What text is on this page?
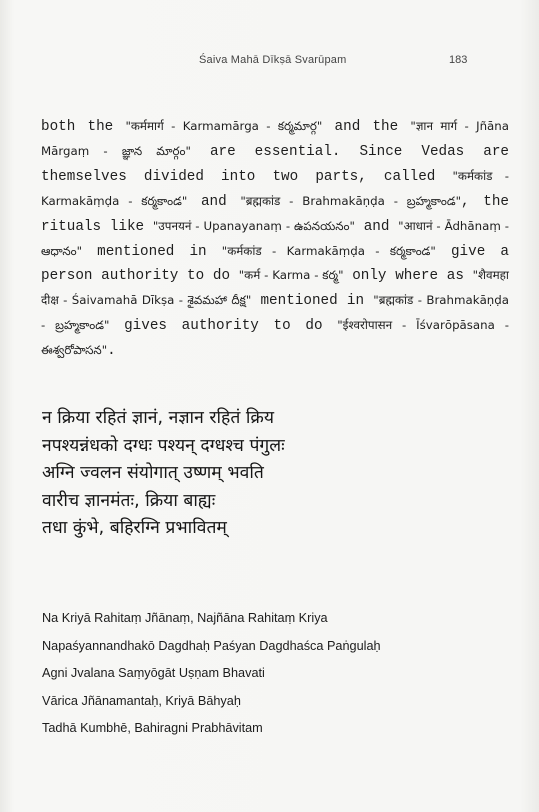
Śaiva Mahā Dīkṣā Svarūpam	183

both the "कर्ममार्ग - Karmamārga - కర్మమార్గ" and the "ज्ञान मार्ग - Jñāna Mārgaṃ - జ్ఞాన మార్గం" are essential. Since Vedas are themselves divided into two parts, called "कर्मकांड - Karmakāṃḍa - కర్మకాండ" and "ब्रह्मकांड - Brahmakāṇḍa - బ్రహ్మకాండ", the rituals like "उपनयनं - Upanayanaṃ - ఉపనయనం" and "आधानं - Ādhānaṃ - ఆధానం" mentioned in "कर्मकांड - Karmakāṃḍa - కర్మకాండ" give a person authority to do "कर्म - Karma - కర్మ" only where as "शैवमहा दीक्ष - Śaivamahā Dīkṣa - శైవమహా దీక్ష" mentioned in "ब्रह्मकांड - Brahmakāṇḍa - బ్రహ్మకాండ" gives authority to do "ईश्वरोपासन - Īśvarōpāsana - ఈశ్వరోపాసన".

न क्रिया रहितं ज्ञानं, नज्ञान रहितं क्रिय
नपश्यन्नंधको दग्धः पश्यन् दग्धश्च पंगुलः
अग्नि ज्वलन संयोगात् उष्णम् भवति
वारीच ज्ञानमंतः, क्रिया बाह्यः
तधा कुंभे, बहिरग्नि प्रभावितम्
Na Kriyā Rahitaṃ Jñānaṃ, Najñāna Rahitaṃ Kriya
Napaśyannandhakō Dagdhaḥ Paśyan Dagdhaśca Paṅgulaḥ
Agni Jvalana Saṃyōgāt Uṣṇam Bhavati
Vārica Jñānamantaḥ, Kriyā Bāhyaḥ
Tadhā Kumbhē, Bahiragni Prabhāvitam
